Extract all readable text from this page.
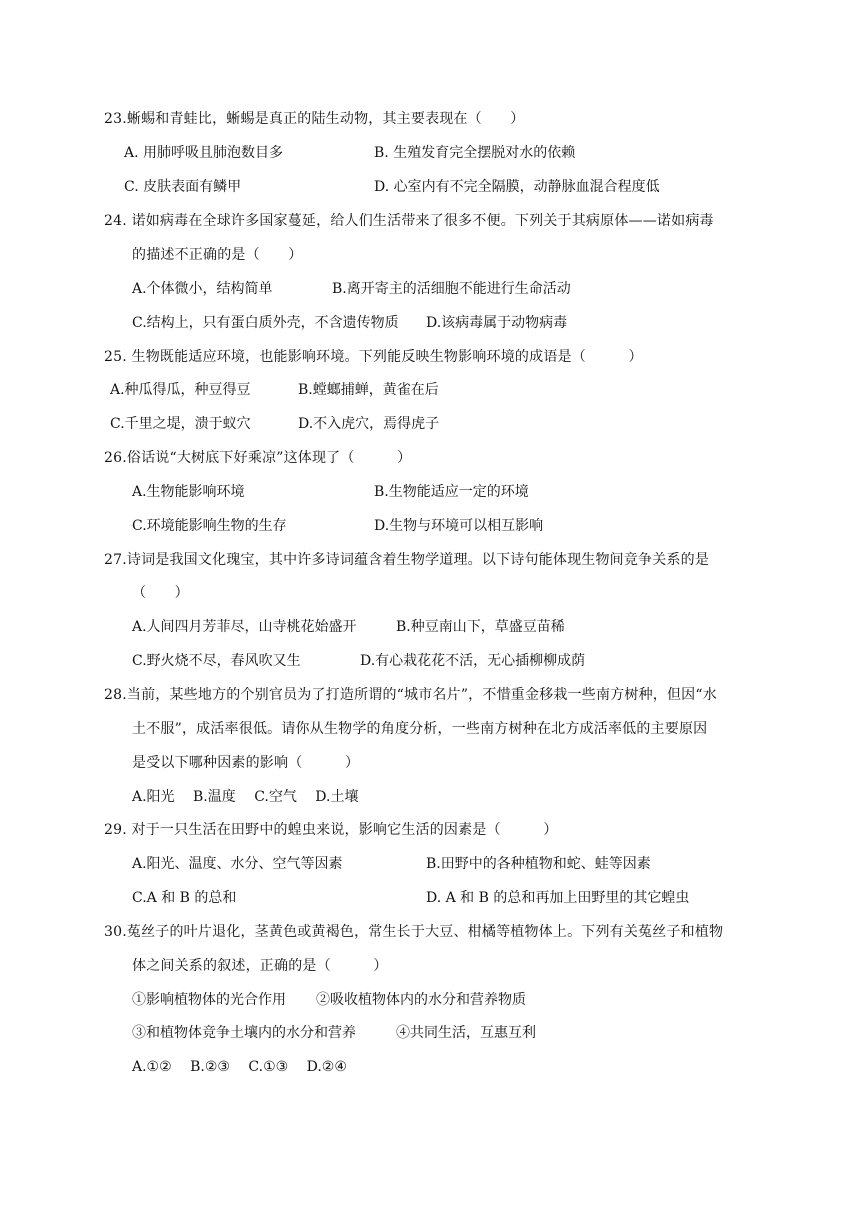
23.蜥蜴和青蛙比，蜥蜴是真正的陆生动物，其主要表现在（　　）
A. 用肺呼吸且肺泡数目多	B. 生殖发育完全摆脱对水的依赖
C. 皮肤表面有鳞甲	D. 心室内有不完全隔膜，动静脉血混合程度低
24. 诺如病毒在全球许多国家蔓延，给人们生活带来了很多不便。下列关于其病原体——诺如病毒
的描述不正确的是（　　）
A.个体微小，结构简单	B.离开寄主的活细胞不能进行生命活动
C.结构上，只有蛋白质外壳，不含遗传物质 D.该病毒属于动物病毒
25. 生物既能适应环境，也能影响环境。下列能反映生物影响环境的成语是（　　　）
A.种瓜得瓜，种豆得豆	B.螳螂捕蝉，黄雀在后
C.千里之堤，溃于蚁穴	D.不入虎穴，焉得虎子
26.俗话说“大树底下好乘凉”这体现了（　　　）
A.生物能影响环境	B.生物能适应一定的环境
C.环境能影响生物的生存	D.生物与环境可以相互影响
27.诗词是我国文化瑰宝，其中许多诗词蕴含着生物学道理。以下诗句能体现生物间竞争关系的是
（　　）
A.人间四月芳菲尽，山寺桃花始盛开	B.种豆南山下，草盛豆苗稀
C.野火烧不尽，春风吹又生	D.有心栽花花不活，无心插柳柳成荫
28.当前，某些地方的个别官员为了打造所谓的“城市名片”，不惜重金移栽一些南方树种，但因“水
土不服”，成活率很低。请你从生物学的角度分析，一些南方树种在北方成活率低的主要原因
是受以下哪种因素的影响（　　　）
A.阳光　 B.温度　 C.空气　 D.土壤
29. 对于一只生活在田野中的蝗虫来说，影响它生活的因素是（　　　）
A.阳光、温度、水分、空气等因素	B.田野中的各种植物和蛇、蛙等因素
C.A 和 B 的总和	D. A 和 B 的总和再加上田野里的其它蝗虫
30.菟丝子的叶片退化，茎黄色或黄褐色，常生长于大豆、柑橘等植物体上。下列有关菟丝子和植物
体之间关系的叙述，正确的是（　　　）
①影响植物体的光合作用 ②吸收植物体内的水分和营养物质
③和植物体竞争土壤内的水分和营养	④共同生活，互惠互利
A.①②　 B.②③　 C.①③　 D.②④
